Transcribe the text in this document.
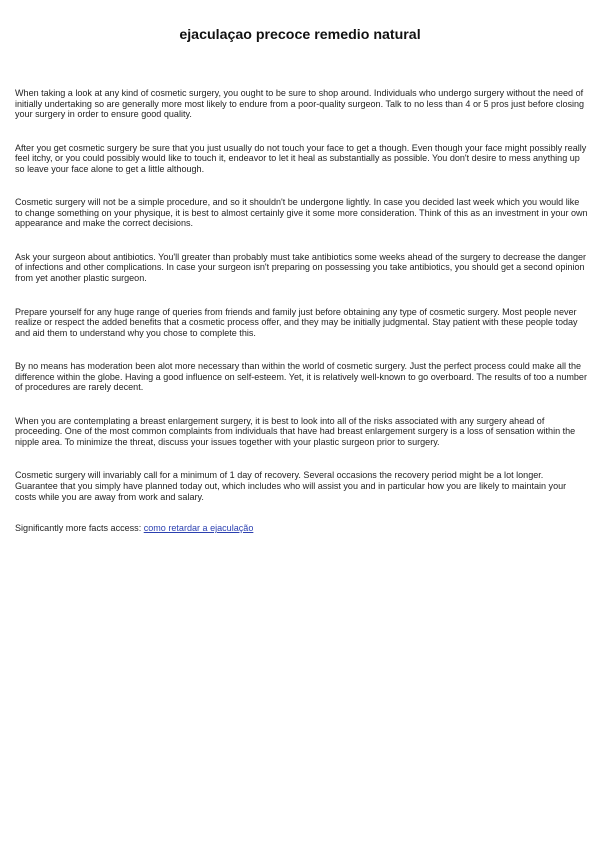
ejaculaçao precoce remedio natural

When taking a look at any kind of cosmetic surgery, you ought to be sure to shop around. Individuals who undergo surgery without the need of initially undertaking so are generally more most likely to endure from a poor-quality surgeon. Talk to no less than 4 or 5 pros just before closing your surgery in order to ensure good quality.

After you get cosmetic surgery be sure that you just usually do not touch your face to get a though. Even though your face might possibly really feel itchy, or you could possibly would like to touch it, endeavor to let it heal as substantially as possible. You don't desire to mess anything up so leave your face alone to get a little although.

Cosmetic surgery will not be a simple procedure, and so it shouldn't be undergone lightly. In case you decided last week which you would like to change something on your physique, it is best to almost certainly give it some more consideration. Think of this as an investment in your own appearance and make the correct decisions.

Ask your surgeon about antibiotics. You'll greater than probably must take antibiotics some weeks ahead of the surgery to decrease the danger of infections and other complications. In case your surgeon isn't preparing on possessing you take antibiotics, you should get a second opinion from yet another plastic surgeon.

Prepare yourself for any huge range of queries from friends and family just before obtaining any type of cosmetic surgery. Most people never realize or respect the added benefits that a cosmetic process offer, and they may be initially judgmental. Stay patient with these people today and aid them to understand why you chose to complete this.

By no means has moderation been alot more necessary than within the world of cosmetic surgery. Just the perfect process could make all the difference within the globe. Having a good influence on self-esteem. Yet, it is relatively well-known to go overboard. The results of too a number of procedures are rarely decent.

When you are contemplating a breast enlargement surgery, it is best to look into all of the risks associated with any surgery ahead of proceeding. One of the most common complaints from individuals that have had breast enlargement surgery is a loss of sensation within the nipple area. To minimize the threat, discuss your issues together with your plastic surgeon prior to surgery.

Cosmetic surgery will invariably call for a minimum of 1 day of recovery. Several occasions the recovery period might be a lot longer. Guarantee that you simply have planned today out, which includes who will assist you and in particular how you are likely to maintain your costs while you are away from work and salary.

Significantly more facts access: como retardar a ejaculação
